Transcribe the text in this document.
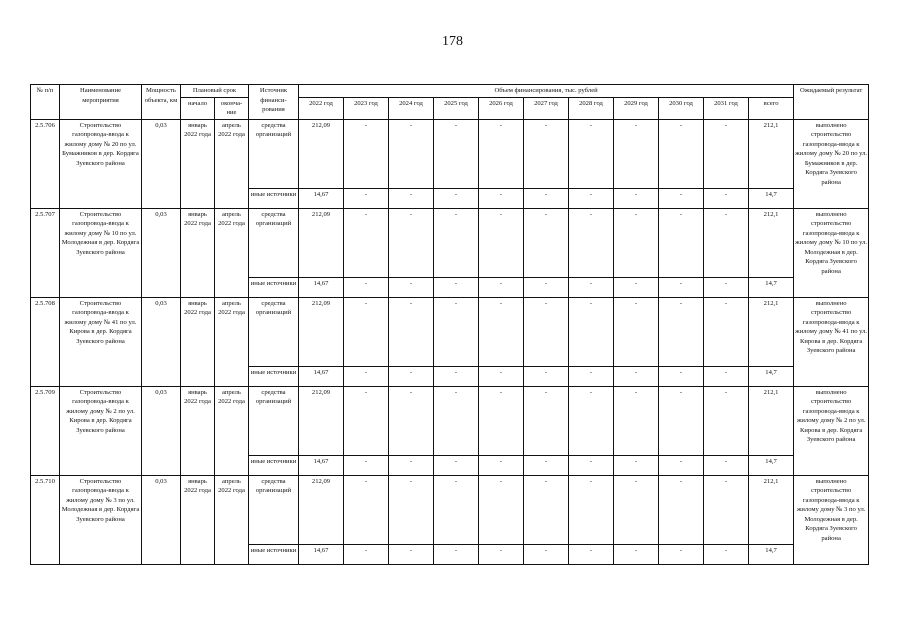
178
№ п/п	Наименование мероприятия	Мощность объекта, км	Плановый срок		Источник финанси-рования	Объем финансирования, тыс. рублей											Ожидаемый результат
			начало	оконча-ние		2022 год	2023 год	2024 год	2025 год	2026 год	2027 год	2028 год	2029 год	2030 год	2031 год	всего	
2.5.706	Строительство газопровода-ввода к жилому дому № 20 по ул. Бумажников в дер. Кордяга Зуевского района	0,03	январь 2022 года	апрель 2022 года	средства организаций	212,09	-	-	-	-	-	-	-	-	-	212,1	выполнено строительство газопровода-ввода к жилому дому № 20 по ул. Бумажников в дер. Кордяга Зуевского района
					иные источники	14,67	-	-	-	-	-	-	-	-	-	14,7	
2.5.707	Строительство газопровода-ввода к жилому дому № 10 по ул. Молодежная в дер. Кордяга Зуевского района	0,03	январь 2022 года	апрель 2022 года	средства организаций	212,09	-	-	-	-	-	-	-	-	-	212,1	выполнено строительство газопровода-ввода к жилому дому № 10 по ул. Молодежная в дер. Кордяга Зуевского района
					иные источники	14,67	-	-	-	-	-	-	-	-	-	14,7	
2.5.708	Строительство газопровода-ввода к жилому дому № 41 по ул. Кирова в дер. Кордяга Зуевского района	0,03	январь 2022 года	апрель 2022 года	средства организаций	212,09	-	-	-	-	-	-	-	-	-	212,1	выполнено строительство газопровода-ввода к жилому дому № 41 по ул. Кирова в дер. Кордяга Зуевского района
					иные источники	14,67	-	-	-	-	-	-	-	-	-	14,7	
2.5.709	Строительство газопровода-ввода к жилому дому № 2 по ул. Кирова в дер. Кордяга Зуевского района	0,03	январь 2022 года	апрель 2022 года	средства организаций	212,09	-	-	-	-	-	-	-	-	-	212,1	выполнено строительство газопровода-ввода к жилому дому № 2 по ул. Кирова в дер. Кордяга Зуевского района
					иные источники	14,67	-	-	-	-	-	-	-	-	-	14,7	
2.5.710	Строительство газопровода-ввода к жилому дому № 3 по ул. Молодежная в дер. Кордяга Зуевского района	0,03	январь 2022 года	апрель 2022 года	средства организаций	212,09	-	-	-	-	-	-	-	-	-	212,1	выполнено строительство газопровода-ввода к жилому дому № 3 по ул. Молодежная в дер. Кордяга Зуевского района
					иные источники	14,67	-	-	-	-	-	-	-	-	-	14,7	
